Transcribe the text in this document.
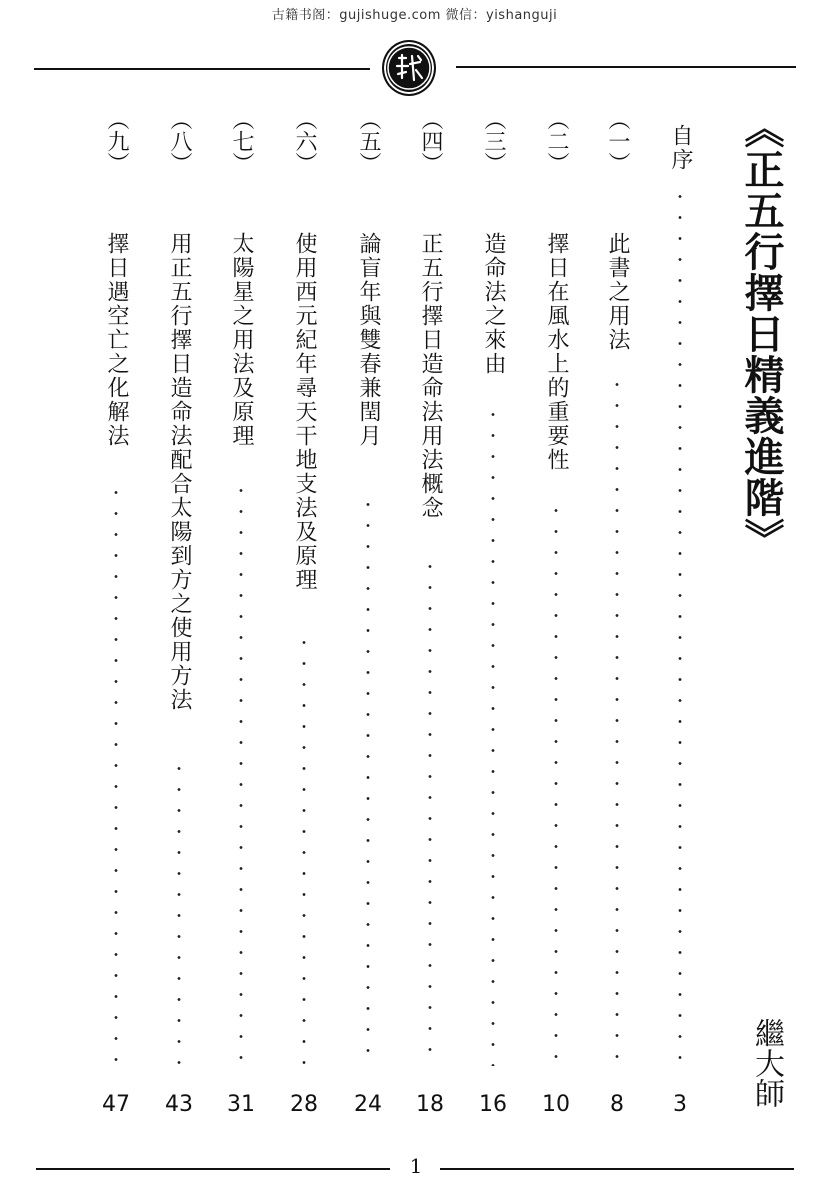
古籍书阁：gujishuge.com 微信：yishanguji
《正五行擇日精義進階》
繼大師
自序
3
（一）
此書之用法
8
（二）
擇日在風水上的重要性
10
（三）
造命法之來由
16
（四）
正五行擇日造命法用法概念
18
（五）
論盲年與雙春兼閏月
24
（六）
使用西元紀年尋天干地支法及原理
28
（七）
太陽星之用法及原理
31
（八）
用正五行擇日造命法配合太陽到方之使用方法
43
（九）
擇日遇空亡之化解法
47
1
